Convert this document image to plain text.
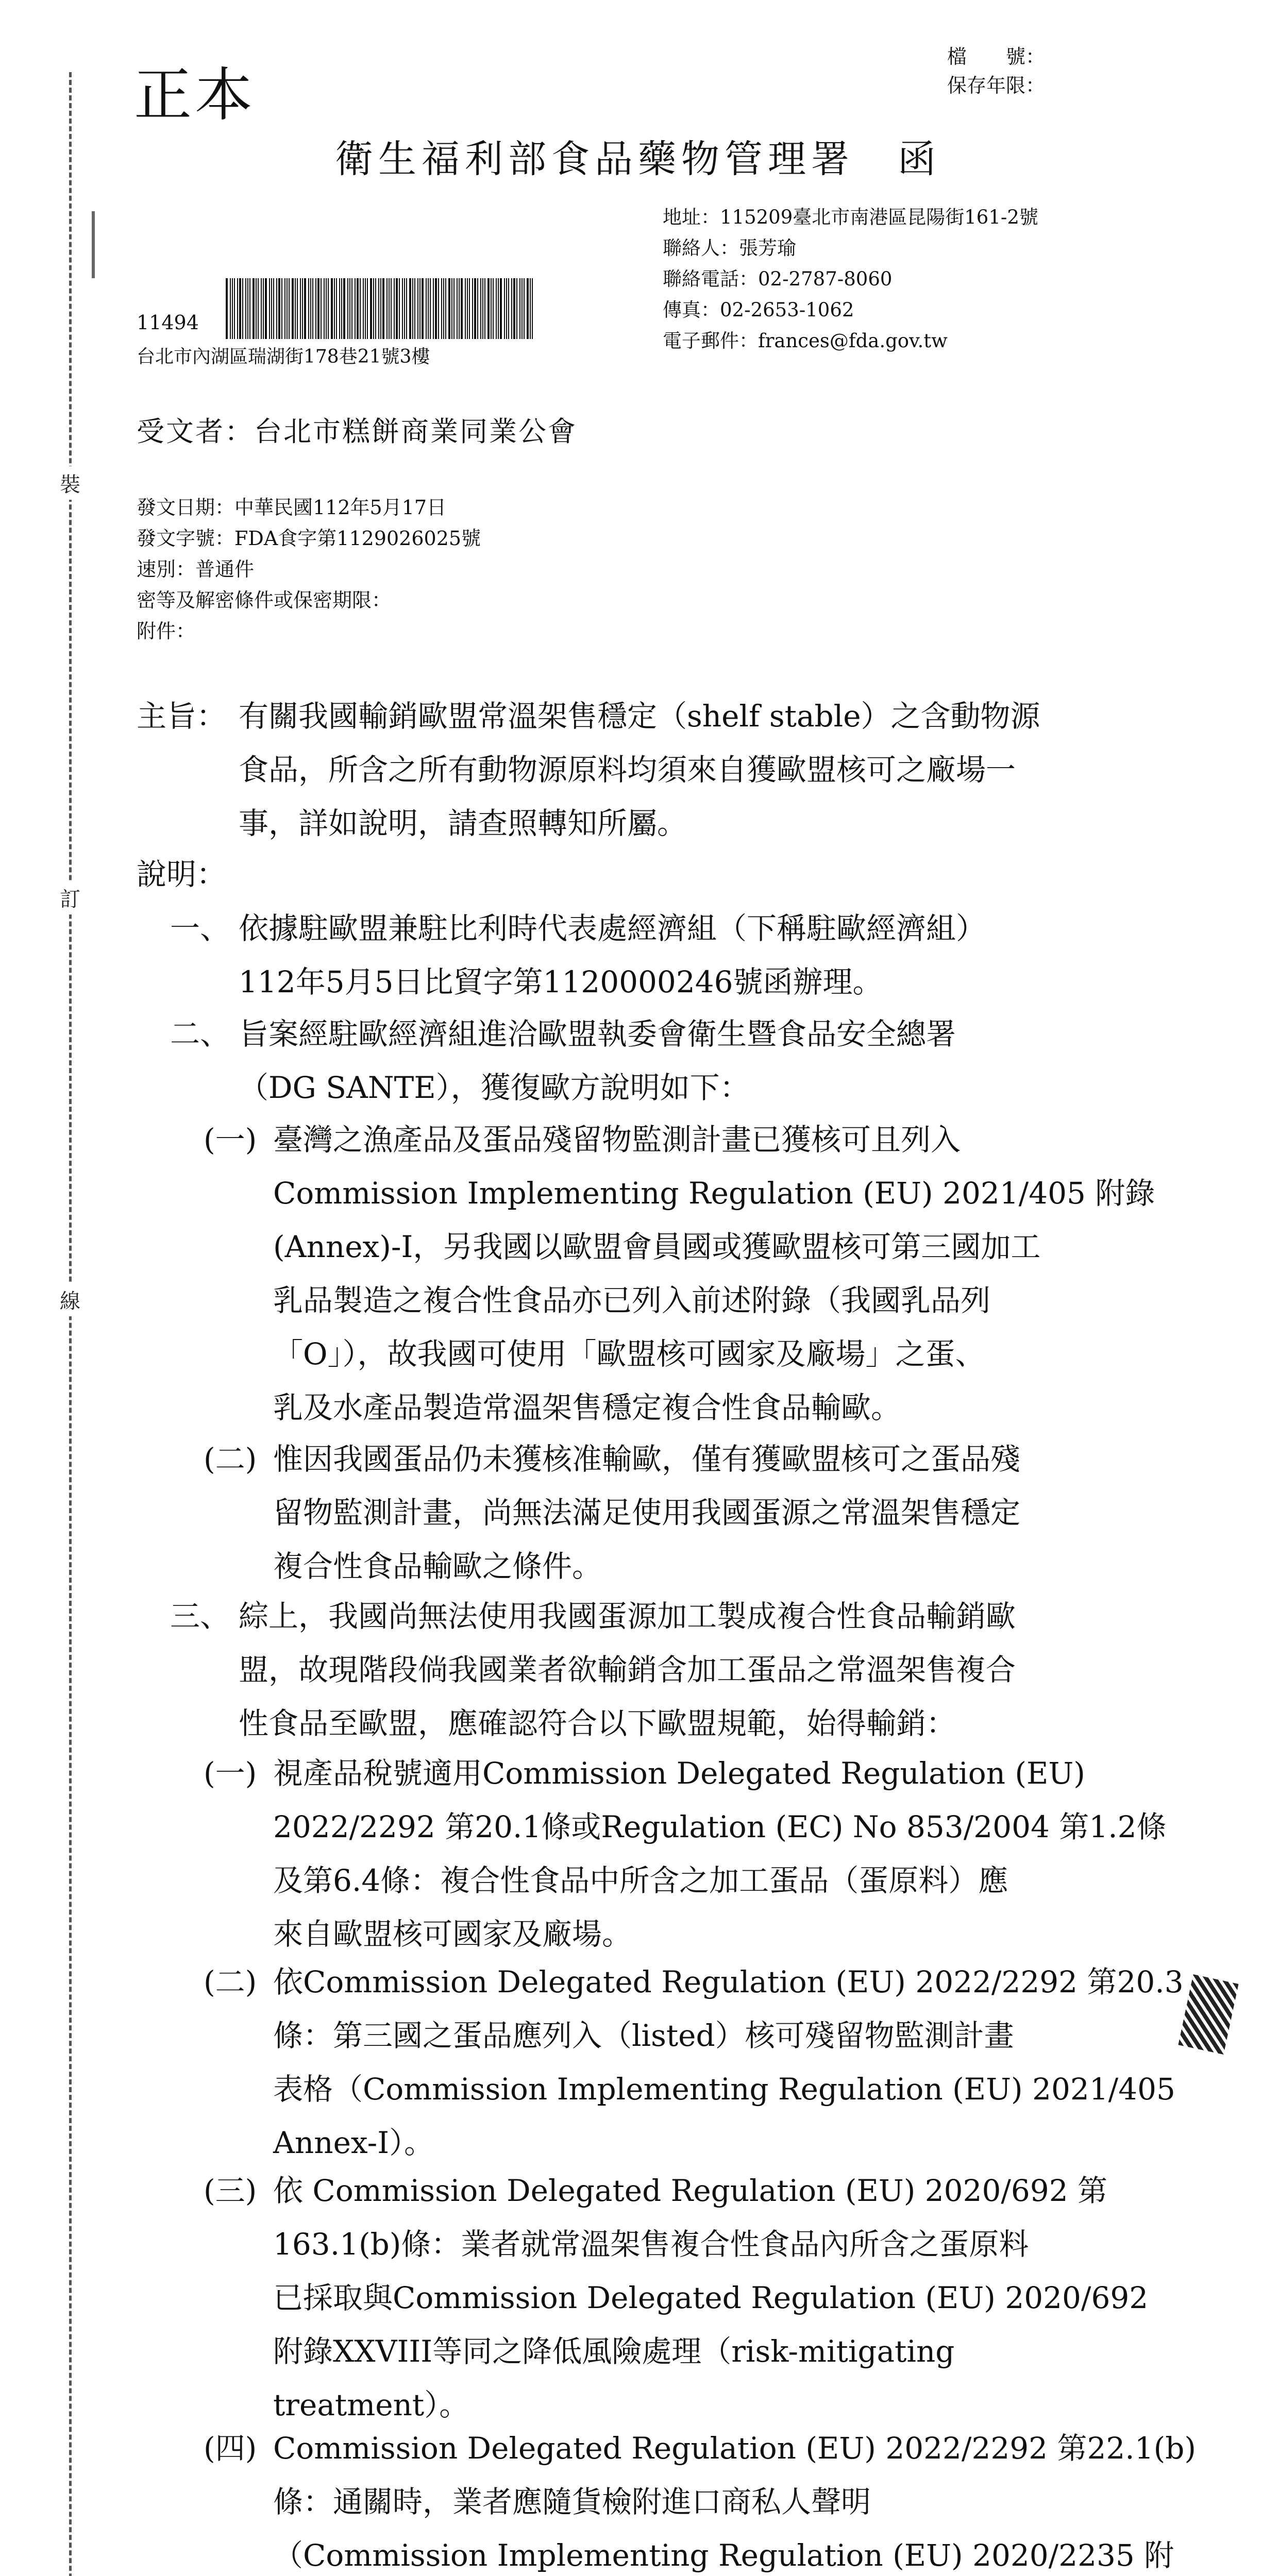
裝
訂
線
正本
檔　　號：
保存年限：
衛生福利部食品藥物管理署　函
地址：115209臺北市南港區昆陽街161-2號
聯絡人：張芳瑜
聯絡電話：02-2787-8060
傳真：02-2653-1062
電子郵件：frances@fda.gov.tw
11494
台北市內湖區瑞湖街178巷21號3樓
受文者：台北市糕餅商業同業公會
發文日期：中華民國112年5月17日
發文字號：FDA食字第1129026025號
速別：普通件
密等及解密條件或保密期限：
附件：
主旨： 有關我國輸銷歐盟常溫架售穩定（shelf stable）之含動物源
食品，所含之所有動物源原料均須來自獲歐盟核可之廠場一
事，詳如說明，請查照轉知所屬。
說明：
一、 依據駐歐盟兼駐比利時代表處經濟組（下稱駐歐經濟組）
112年5月5日比貿字第1120000246號函辦理。
二、 旨案經駐歐經濟組進洽歐盟執委會衛生暨食品安全總署
（DG SANTE），獲復歐方說明如下：
(一) 臺灣之漁產品及蛋品殘留物監測計畫已獲核可且列入
Commission Implementing Regulation (EU) 2021/405 附錄
(Annex)-I，另我國以歐盟會員國或獲歐盟核可第三國加工
乳品製造之複合性食品亦已列入前述附錄（我國乳品列
「O」），故我國可使用「歐盟核可國家及廠場」之蛋、
乳及水產品製造常溫架售穩定複合性食品輸歐。
(二) 惟因我國蛋品仍未獲核准輸歐，僅有獲歐盟核可之蛋品殘
留物監測計畫，尚無法滿足使用我國蛋源之常溫架售穩定
複合性食品輸歐之條件。
三、 綜上，我國尚無法使用我國蛋源加工製成複合性食品輸銷歐
盟，故現階段倘我國業者欲輸銷含加工蛋品之常溫架售複合
性食品至歐盟，應確認符合以下歐盟規範，始得輸銷：
(一) 視產品稅號適用Commission Delegated Regulation (EU)
2022/2292 第20.1條或Regulation (EC) No 853/2004 第1.2條
及第6.4條：複合性食品中所含之加工蛋品（蛋原料）應
來自歐盟核可國家及廠場。
(二) 依Commission Delegated Regulation (EU) 2022/2292 第20.3
條：第三國之蛋品應列入（listed）核可殘留物監測計畫
表格（Commission Implementing Regulation (EU) 2021/405
Annex-I）。
(三) 依 Commission Delegated Regulation (EU) 2020/692 第
163.1(b)條：業者就常溫架售複合性食品內所含之蛋原料
已採取與Commission Delegated Regulation (EU) 2020/692
附錄XXVIII等同之降低風險處理（risk-mitigating
treatment）。
(四) Commission Delegated Regulation (EU) 2022/2292 第22.1(b)
條：通關時，業者應隨貨檢附進口商私人聲明
（Commission Implementing Regulation (EU) 2020/2235 附
